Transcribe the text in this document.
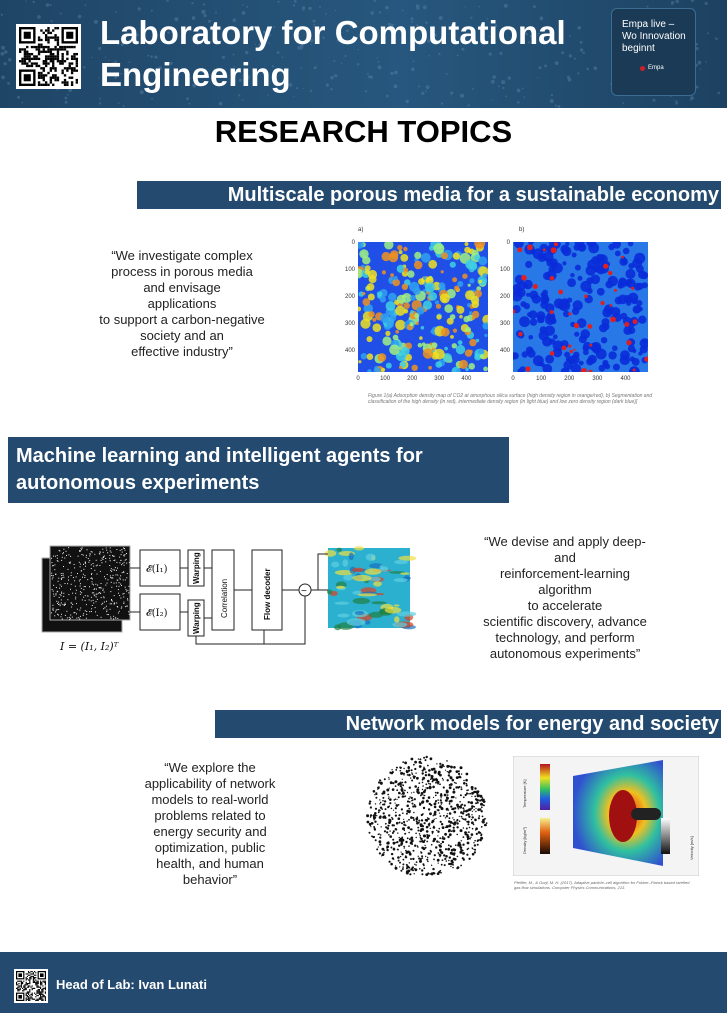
Laboratory for Computational
Engineering
Empa live –
Wo Innovation
beginnt
Empa
RESEARCH TOPICS
Multiscale porous media for a sustainable economy
“We investigate complex
process in porous media
and envisage
applications
to support a carbon-negative
society and an
effective industry”
a)	b)
0
100
200
300
400
0	100	200	300	400
0
100
200
300
400
0	100	200	300	400
Figure 1(a) Adsorption density map of CO2 at amorphous silica surface (high density region in orange/red), b) Segmentation and
classification of the high density (in red), intermediate density region (in light blue) and low zero density region (dark blue)]
Machine learning and intelligent agents for
autonomous experiments
I = (I₁, I₂)ᵀ
𝓔(I₁)
𝓔(I₂)
Warping
Warping
Correlation	Flow decoder	−
“We devise and apply deep-
and
reinforcement-learning
algorithm
to accelerate
scientific discovery, advance
technology, and perform
autonomous experiments”
Network models for energy and society
“We explore the
applicability of network
models to real-world
problems related to
energy security and
optimization, public
health, and human
behavior”
Temperature [K]
Density [kg/m³]	Velocity [m/s]
Pfeiffer, M., & Gorji, M. H. (2017). Adaptive particle–cell algorithm for Fokker–Planck based rarefied
gas flow simulations. Computer Physics Communications, 213.
Head of Lab: Ivan Lunati
